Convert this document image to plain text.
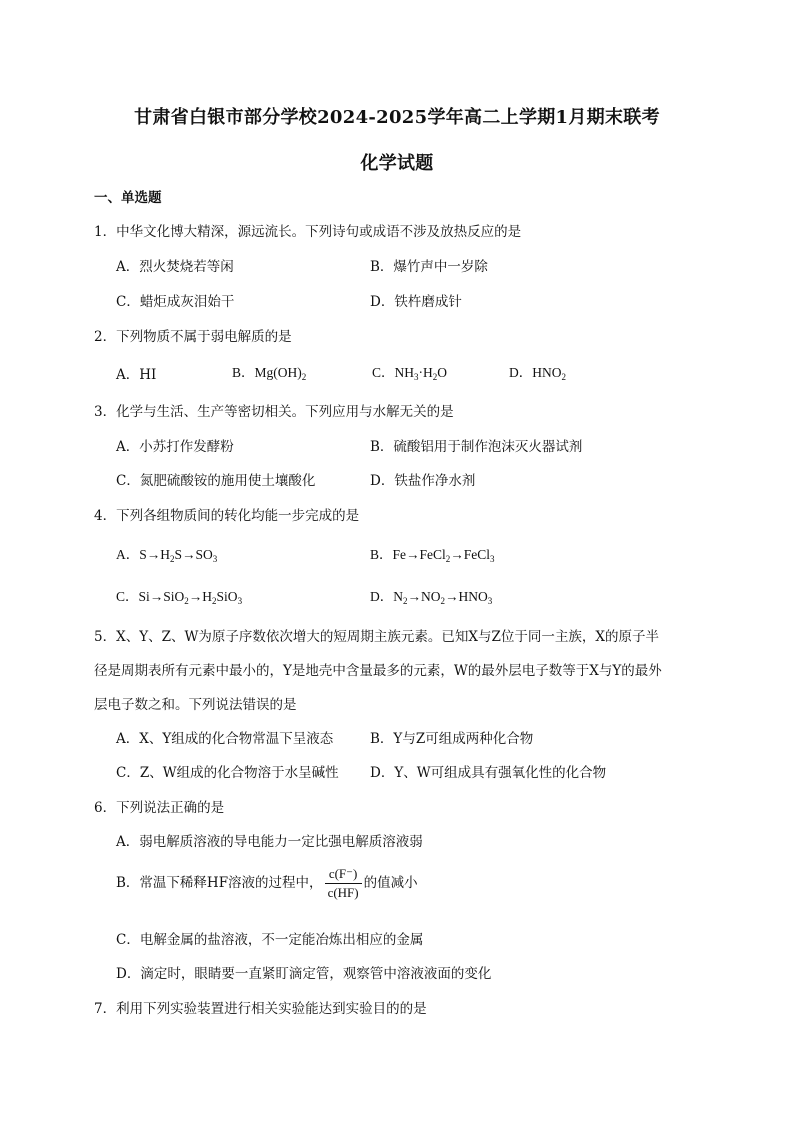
甘肃省白银市部分学校2024-2025学年高二上学期1月期末联考
化学试题
一、单选题
1．中华文化博大精深，源远流长。下列诗句或成语不涉及放热反应的是
A．烈火焚烧若等闲	B．爆竹声中一岁除
C．蜡炬成灰泪始干	D．铁杵磨成针
2．下列物质不属于弱电解质的是
A．HI	B．$Mg(OH)_2$	C．$NH_3\cdot H_2O$	D．$HNO_2$
3．化学与生活、生产等密切相关。下列应用与水解无关的是
A．小苏打作发酵粉	B．硫酸铝用于制作泡沫灭火器试剂
C．氮肥硫酸铵的施用使土壤酸化	D．铁盐作净水剂
4．下列各组物质间的转化均能一步完成的是
A．$S\to H_2S\to SO_3$	B．Fe→FeCl$_2$→FeCl$_3$
C．$Si\to SiO_2\to H_2SiO_3$	D．$N_2\to NO_2\to HNO_3$
5．X、Y、Z、W为原子序数依次增大的短周期主族元素。已知X与Z位于同一主族，X的原子半
径是周期表所有元素中最小的，Y是地壳中含量最多的元素，W的最外层电子数等于X与Y的最外
层电子数之和。下列说法错误的是
A．X、Y组成的化合物常温下呈液态	B．Y与Z可组成两种化合物
C．Z、W组成的化合物溶于水呈碱性 D．Y、W可组成具有强氧化性的化合物
6．下列说法正确的是
A．弱电解质溶液的导电能力一定比强电解质溶液弱
B．常温下稀释HF溶液的过程中， $\frac{c(F^-)}{c(HF)}$ 的值减小
C．电解金属的盐溶液，不一定能冶炼出相应的金属
D．滴定时，眼睛要一直紧盯滴定管，观察管中溶液液面的变化
7．利用下列实验装置进行相关实验能达到实验目的的是
